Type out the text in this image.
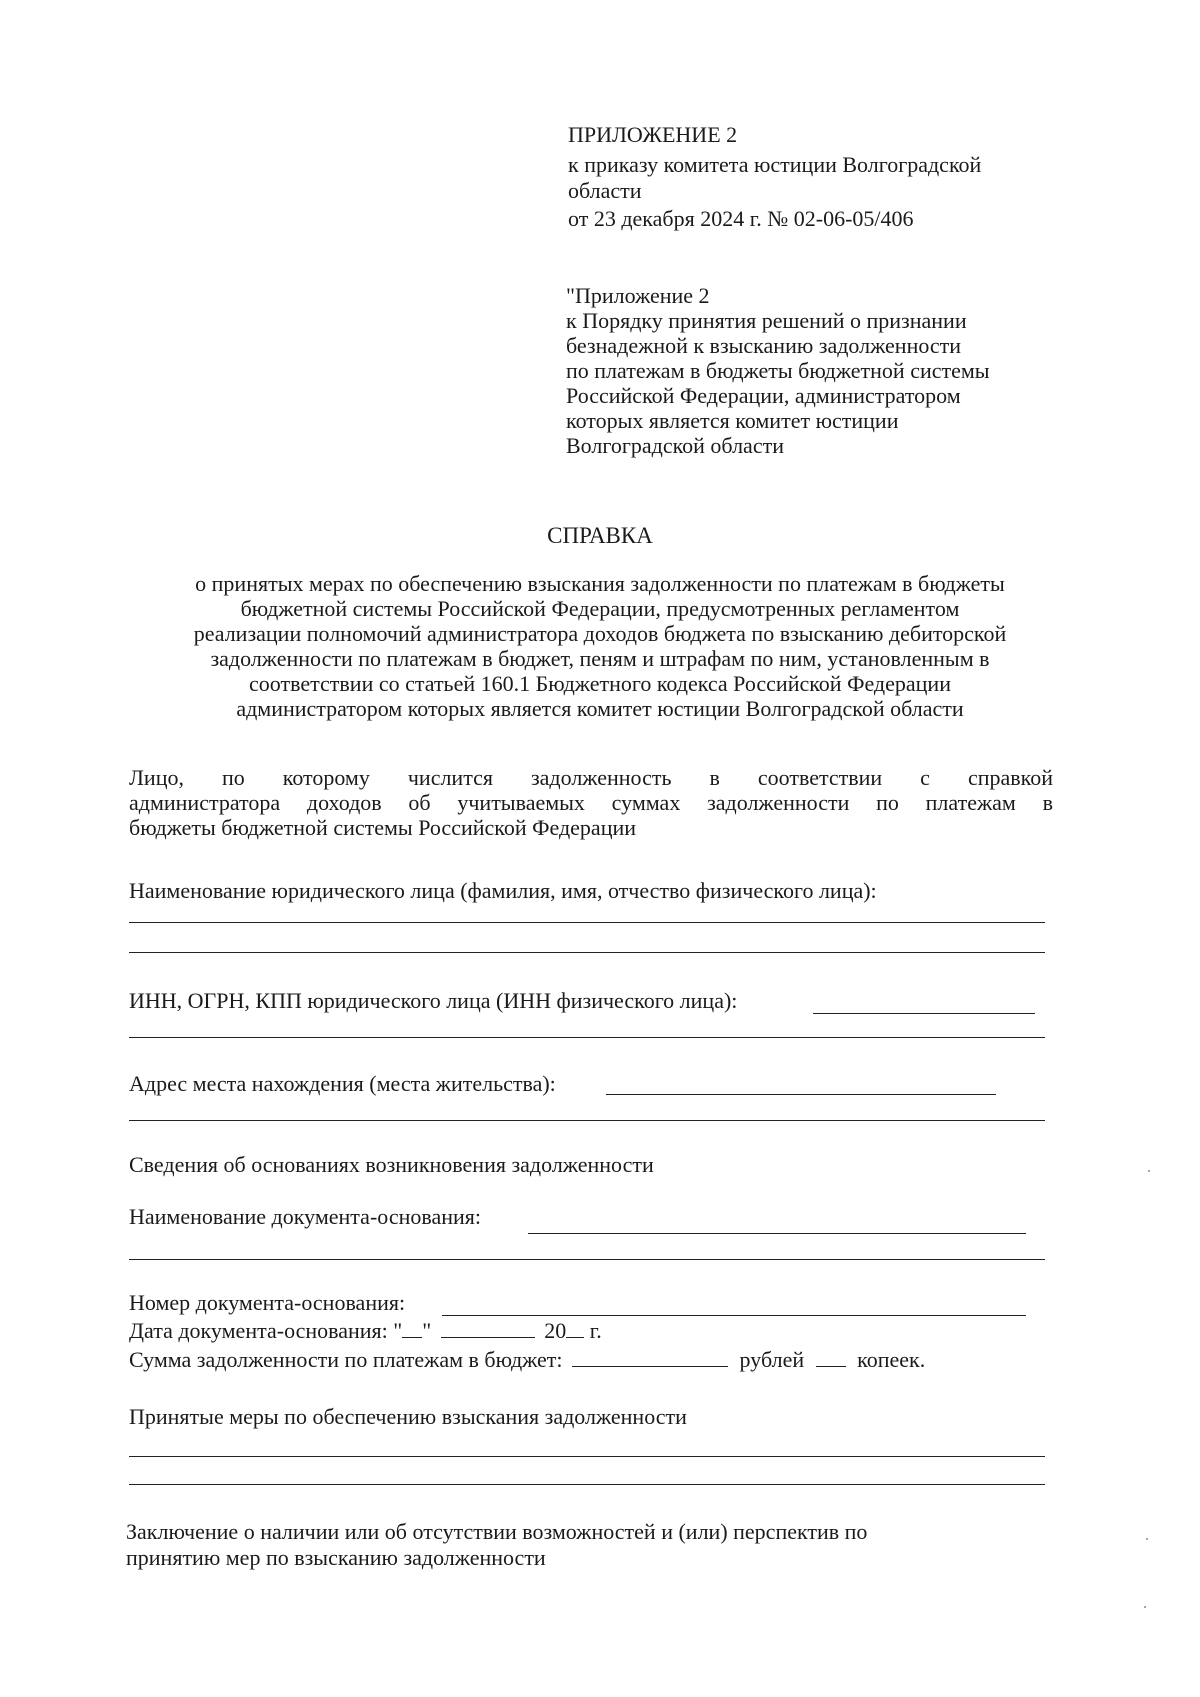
ПРИЛОЖЕНИЕ 2
к приказу комитета юстиции Волгоградской
области
от 23 декабря 2024 г. № 02-06-05/406
"Приложение 2
к Порядку принятия решений о признании
безнадежной к взысканию задолженности
по платежам в бюджеты бюджетной системы
Российской Федерации, администратором
которых является комитет юстиции
Волгоградской области
СПРАВКА
о принятых мерах по обеспечению взыскания задолженности по платежам в бюджеты
бюджетной системы Российской Федерации, предусмотренных регламентом
реализации полномочий администратора доходов бюджета по взысканию дебиторской
задолженности по платежам в бюджет, пеням и штрафам по ним, установленным в
соответствии со статьей 160.1 Бюджетного кодекса Российской Федерации
администратором которых является комитет юстиции Волгоградской области
Лицо, по которому числится задолженность в соответствии с справкой
администратора доходов об учитываемых суммах задолженности по платежам в
бюджеты бюджетной системы Российской Федерации
Наименование юридического лица (фамилия, имя, отчество физического лица):
ИНН, ОГРН, КПП юридического лица (ИНН физического лица):
Адрес места нахождения (места жительства):
Сведения об основаниях возникновения задолженности
Наименование документа-основания:
Номер документа-основания:
Дата документа-основания: " "	20 г.
Сумма задолженности по платежам в бюджет:	рублей копеек.
Принятые меры по обеспечению взыскания задолженности
Заключение о наличии или об отсутствии возможностей и (или) перспектив по
принятию мер по взысканию задолженности
